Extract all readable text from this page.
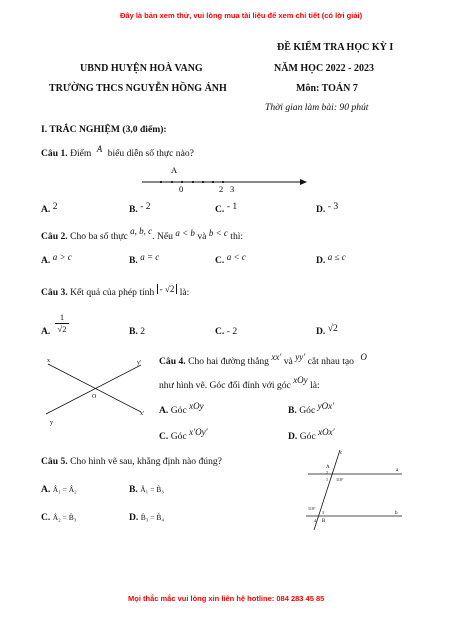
Đây là bản xem thử, vui lòng mua tài liệu để xem chi tiết (có lời giải)
ĐỀ KIỂM TRA HỌC KỲ I
UBND HUYỆN HOÀ VANG	NĂM HỌC 2022 - 2023
TRƯỜNG THCS NGUYỄN HỒNG ÁNH	Môn: TOÁN 7
Thời gian làm bài: 90 phút
I. TRẮC NGHIỆM (3,0 điểm):
Câu 1. Điểm A biểu diễn số thực nào?
A
0	2 3
A. 2	B. - 2	C. - 1	D. - 3
Câu 2. Cho ba số thực a, b, c. Nếu a < b và b < c thì:
A. a > c	B. a = c	C. a < c	D. a ≤ c
Câu 3. Kết quả của phép tính - √2 là:
A.
1
√2	B. 2	C. - 2	D. √2
x	y'
O
y
x'
Câu 4. Cho hai đường thẳng xx′ và yy′ cắt nhau tạo O
như hình vẽ. Góc đối đỉnh với góc xOy là:
A. Góc xOy	B. Góc yOx′
C. Góc x′Oy′	D. Góc xOx′
Câu 5. Cho hình vẽ sau, khẳng định nào đúng?
A. Â₁ = Â₂	B. Â₁ = B̂₃
C. Â₂ = B̂₃	D. B̂₃ = B̂₄
c
a
b
A
2
1 110°
110°
3
4 B
Mọi thắc mắc vui lòng xin liên hệ hotline: 084 283 45 85
